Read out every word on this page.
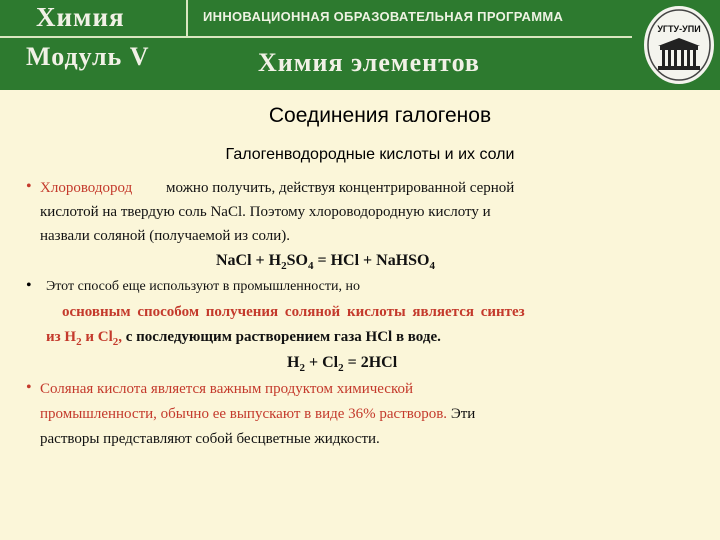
Химия
Модуль V
ИННОВАЦИОННАЯ ОБРАЗОВАТЕЛЬНАЯ ПРОГРАММА
Химия элементов
УГТУ-УПИ
Соединения галогенов
Галогенводородные кислоты и их соли
• Хлороводород можно получить, действуя концентрированной серной
кислотой на твердую соль NaCl. Поэтому хлороводородную кислоту и
назвали соляной (получаемой из соли).
NaCl + $H_2SO_4$ = HCl + NaHSO$_4$
• Этот способ еще используют в промышленности, но
основным способом получения соляной кислоты является синтез
из $H_2$ и $Cl_2$, с последующим растворением газа HCl в воде.
$H_2 + Cl_2 = 2HCl$
• Соляная кислота является важным продуктом химической
промышленности, обычно ее выпускают в виде 36% растворов. Эти
растворы представляют собой бесцветные жидкости.
